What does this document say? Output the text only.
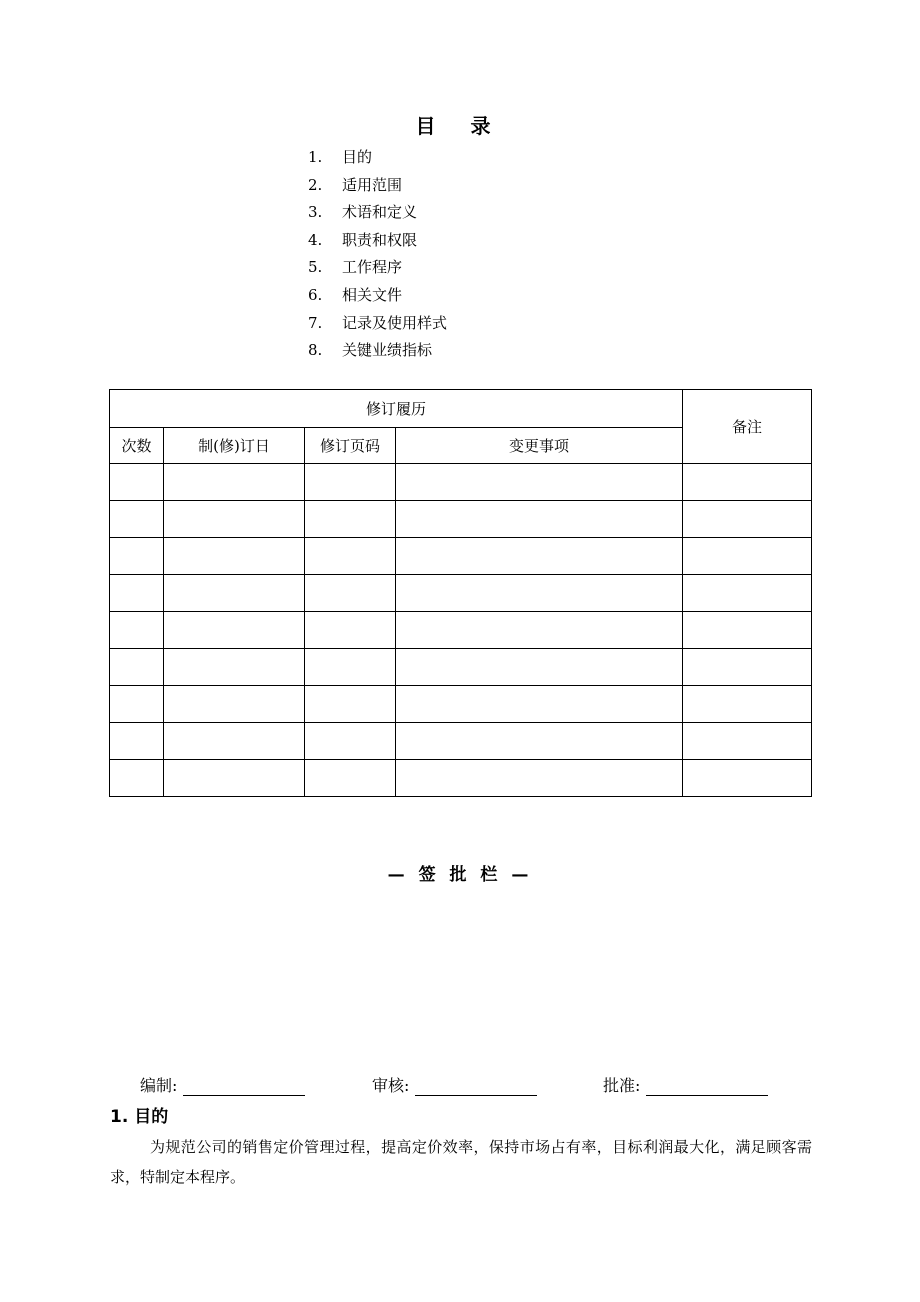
目 录
1.	目的
2.	适用范围
3.	术语和定义
4.	职责和权限
5.	工作程序
6.	相关文件
7.	记录及使用样式
8.	关键业绩指标
修订履历				备注
次数	制(修)订日	修订页码	变更事项	

— 签 批 栏 —
编制:	审核:	批准:
1. 目的

为规范公司的销售定价管理过程，提高定价效率，保持市场占有率，目标利润最大化，满足顾客需求，特制定本程序。
